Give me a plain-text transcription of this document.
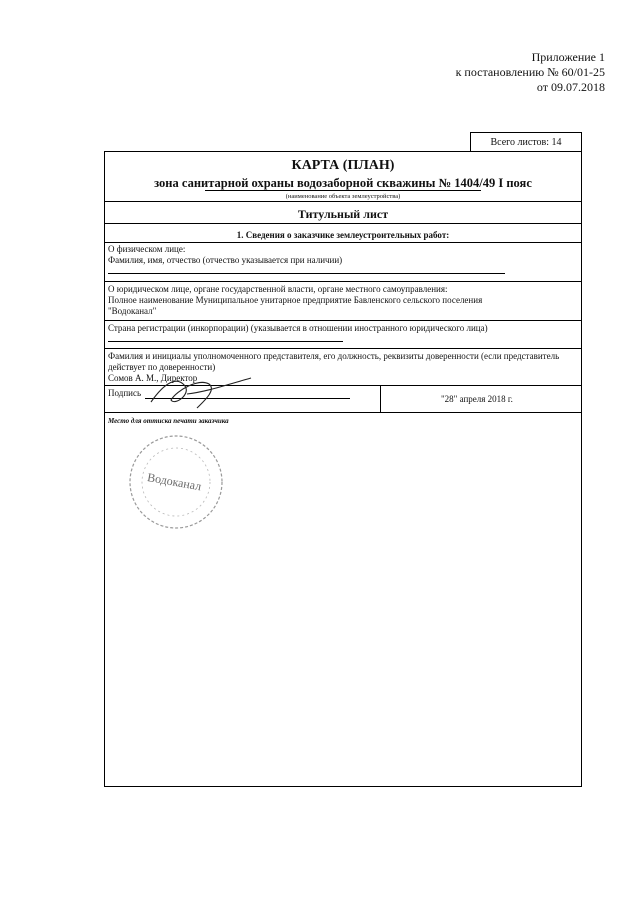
Приложение 1
к постановлению № 60/01-25
от 09.07.2018
Всего листов: 14
КАРТА (ПЛАН)
зона санитарной охраны водозаборной скважины № 1404/49 I пояс
(наименование объекта землеустройства)
Титульный лист
1. Сведения о заказчике землеустроительных работ:
О физическом лице:
Фамилия, имя, отчество (отчество указывается при наличии)
О юридическом лице, органе государственной власти, органе местного самоуправления:
Полное наименование Муниципальное унитарное предприятие Бавленского сельского поселения
"Водоканал"
Страна регистрации (инкорпорации) (указывается в отношении иностранного юридического лица)
Фамилия и инициалы уполномоченного представителя, его должность, реквизиты доверенности (если представитель действует по доверенности)
Сомов А. М., Директор
Подпись
"28" апреля 2018 г.
Место для оттиска печати заказчика
Водоканал
